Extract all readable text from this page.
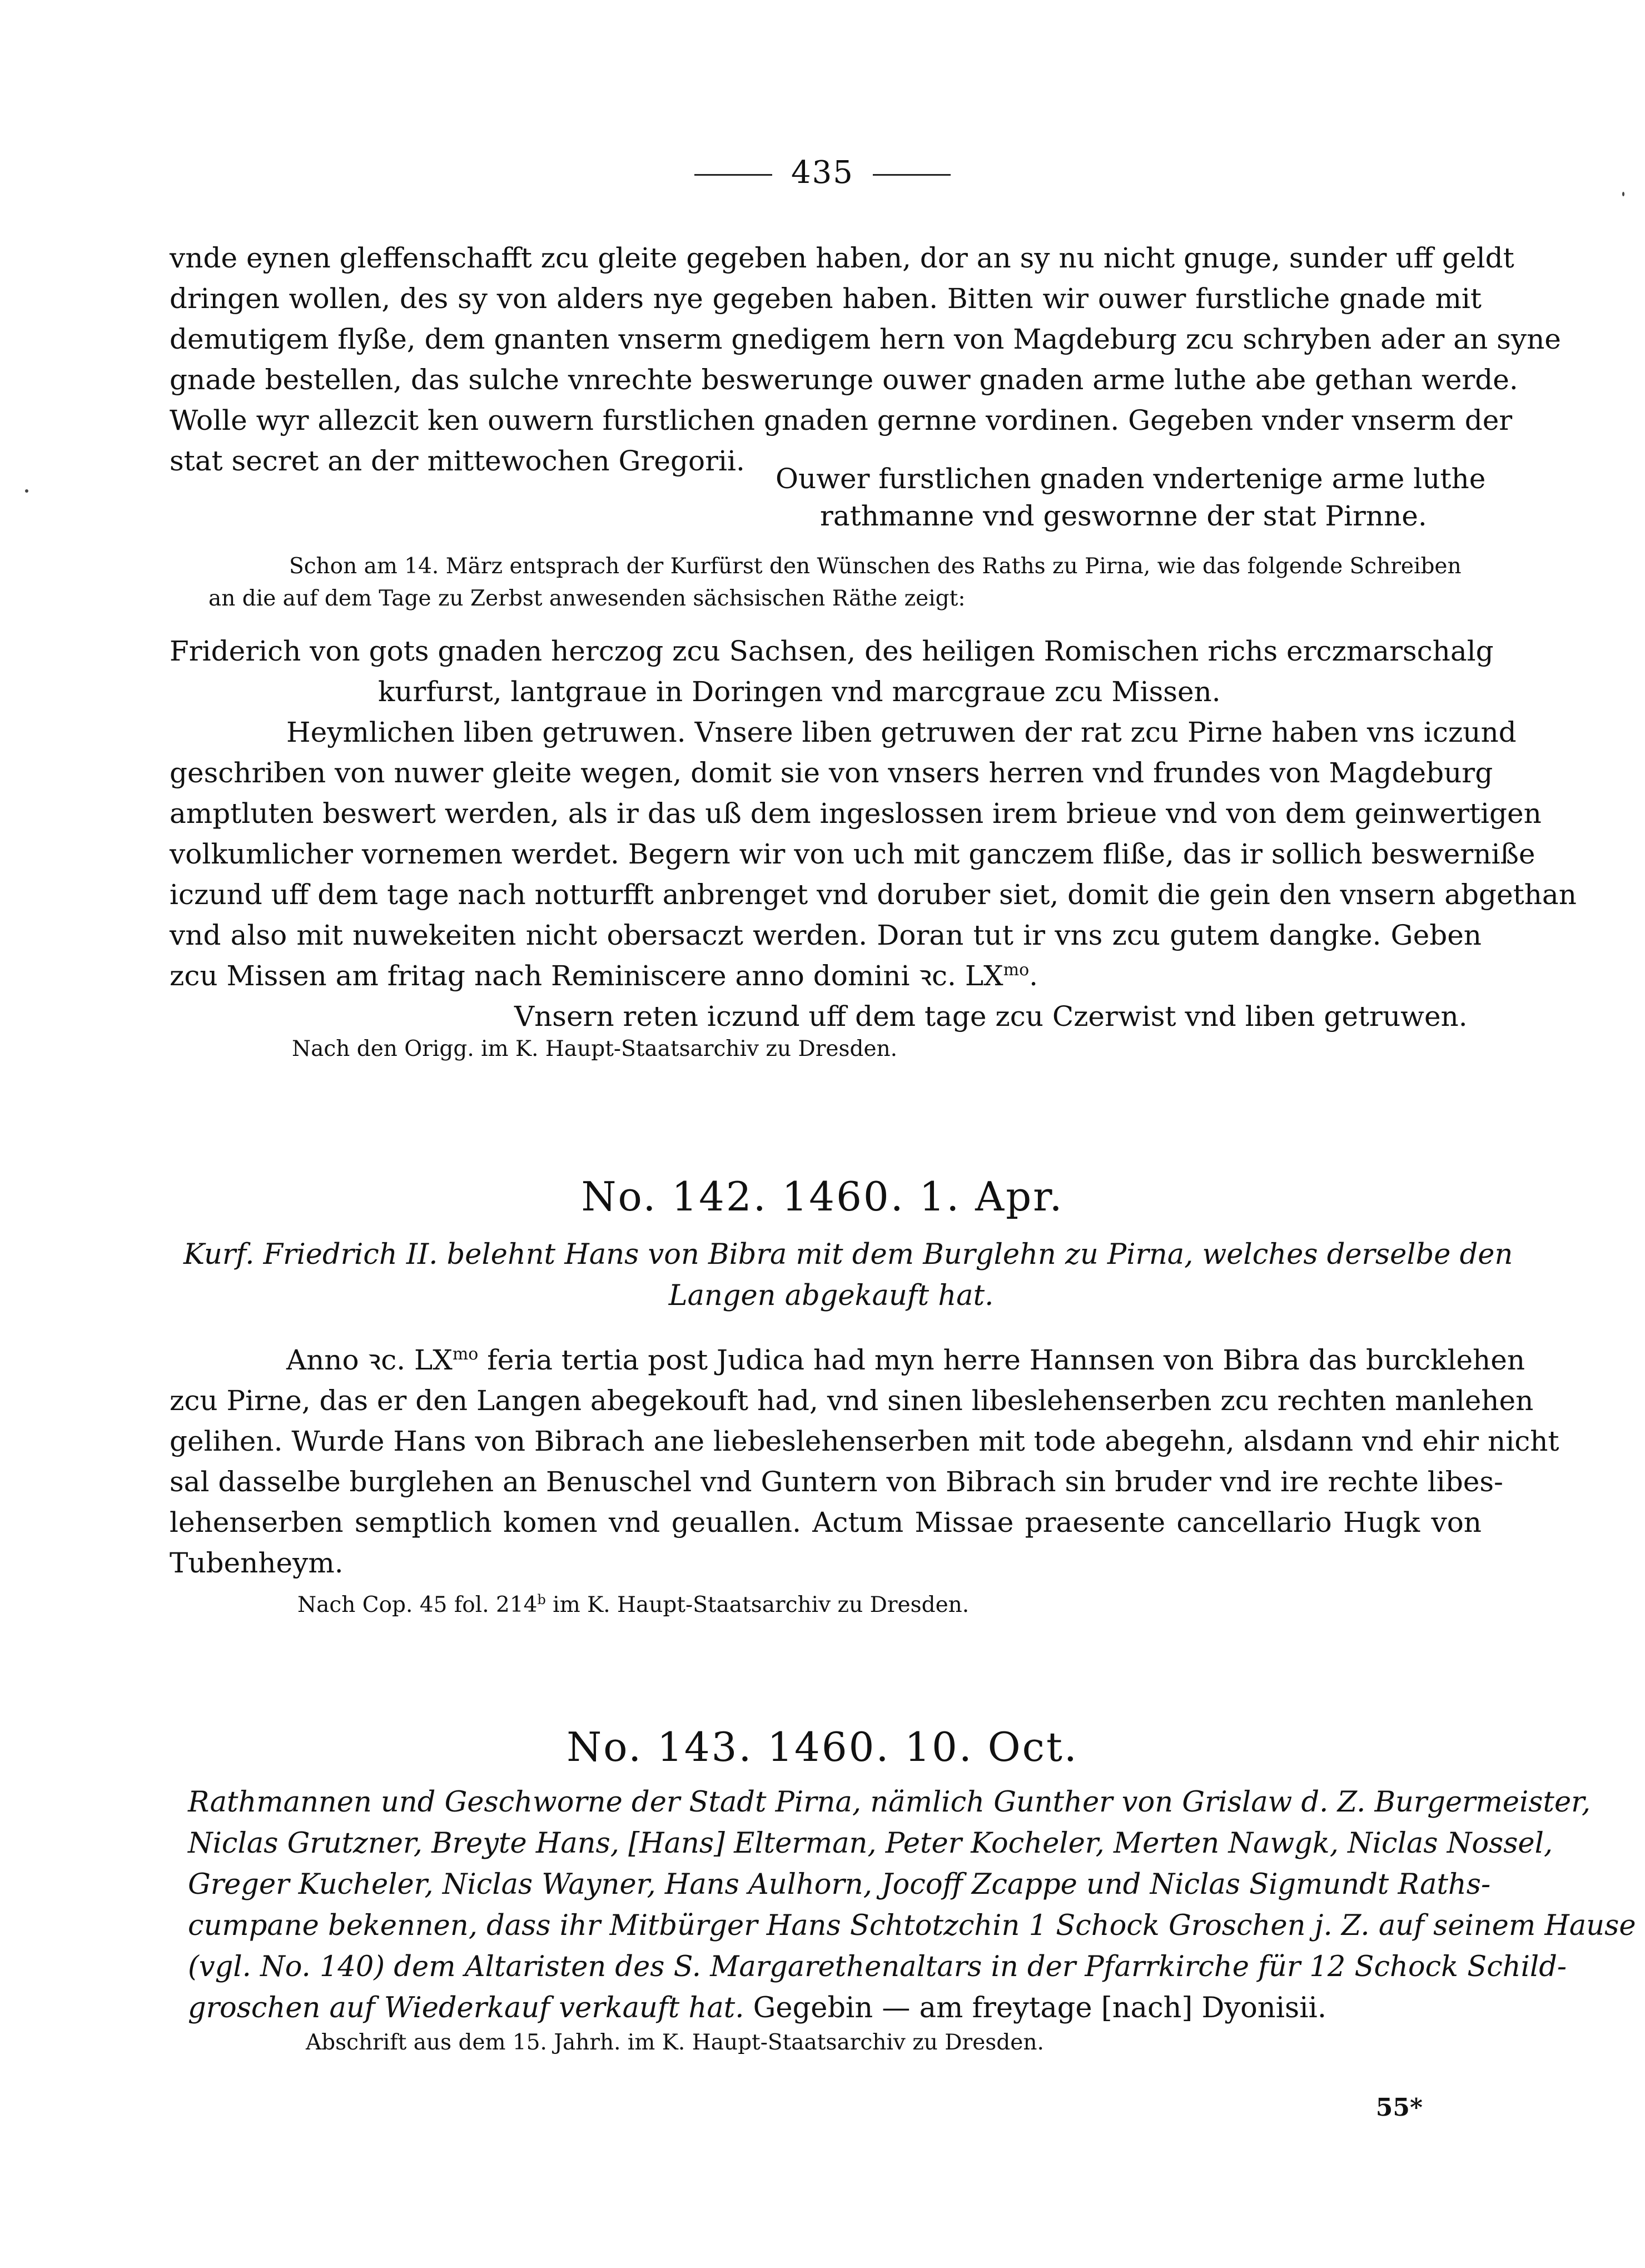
435

vnde eynen gleffenschafft zcu gleite gegeben haben, dor an sy nu nicht gnuge, sunder uff geldt

dringen wollen, des sy von alders nye gegeben haben. Bitten wir ouwer furstliche gnade mit

demutigem flyße, dem gnanten vnserm gnedigem hern von Magdeburg zcu schryben ader an syne

gnade bestellen, das sulche vnrechte beswerunge ouwer gnaden arme luthe abe gethan werde.

Wolle wyr allezcit ken ouwern furstlichen gnaden gernne vordinen. Gegeben vnder vnserm der

stat secret an der mittewochen Gregorii.

Ouwer furstlichen gnaden vndertenige arme luthe

rathmanne vnd geswornne der stat Pirnne.

Schon am 14. März entsprach der Kurfürst den Wünschen des Raths zu Pirna, wie das folgende Schreiben

an die auf dem Tage zu Zerbst anwesenden sächsischen Räthe zeigt:

Friderich von gots gnaden herczog zcu Sachsen, des heiligen Romischen richs erczmarschalg

kurfurst, lantgraue in Doringen vnd marcgraue zcu Missen.

Heymlichen liben getruwen. Vnsere liben getruwen der rat zcu Pirne haben vns iczund

geschriben von nuwer gleite wegen, domit sie von vnsers herren vnd frundes von Magdeburg

amptluten beswert werden, als ir das uß dem ingeslossen irem brieue vnd von dem geinwertigen

volkumlicher vornemen werdet. Begern wir von uch mit ganczem fliße, das ir sollich beswerniße

iczund uff dem tage nach notturfft anbrenget vnd doruber siet, domit die gein den vnsern abgethan

vnd also mit nuwekeiten nicht obersaczt werden. Doran tut ir vns zcu gutem dangke. Geben

zcu Missen am fritag nach Reminiscere anno domini ꝛc. $LX^{mo}$.

Vnsern reten iczund uff dem tage zcu Czerwist vnd liben getruwen.

Nach den Origg. im K. Haupt-Staatsarchiv zu Dresden.

No. 142. 1460. 1. Apr.

Kurf. Friedrich II. belehnt Hans von Bibra mit dem Burglehn zu Pirna, welches derselbe den

Langen abgekauft hat.

Anno ꝛc. $LX^{mo}$ feria tertia post Judica had myn herre Hannsen von Bibra das burcklehen

zcu Pirne, das er den Langen abegekouft had, vnd sinen libeslehenserben zcu rechten manlehen

gelihen. Wurde Hans von Bibrach ane liebeslehenserben mit tode abegehn, alsdann vnd ehir nicht

sal dasselbe burglehen an Benuschel vnd Guntern von Bibrach sin bruder vnd ire rechte libes-

lehenserben semptlich komen vnd geuallen. Actum Missae praesente cancellario Hugk von

Tubenheym.

Nach Cop. 45 fol. 214$^b$ im K. Haupt-Staatsarchiv zu Dresden.

No. 143. 1460. 10. Oct.

Rathmannen und Geschworne der Stadt Pirna, nämlich Gunther von Grislaw d. Z. Burgermeister,

Niclas Grutzner, Breyte Hans, [Hans] Elterman, Peter Kocheler, Merten Nawgk, Niclas Nossel,

Greger Kucheler, Niclas Wayner, Hans Aulhorn, Jocoff Zcappe und Niclas Sigmundt Raths-

cumpane bekennen, dass ihr Mitbürger Hans Schtotzchin 1 Schock Groschen j. Z. auf seinem Hause

(vgl. No. 140) dem Altaristen des S. Margarethenaltars in der Pfarrkirche für 12 Schock Schild-

groschen auf Wiederkauf verkauft hat. Gegebin — am freytage [nach] Dyonisii.

Abschrift aus dem 15. Jahrh. im K. Haupt-Staatsarchiv zu Dresden.

55*
